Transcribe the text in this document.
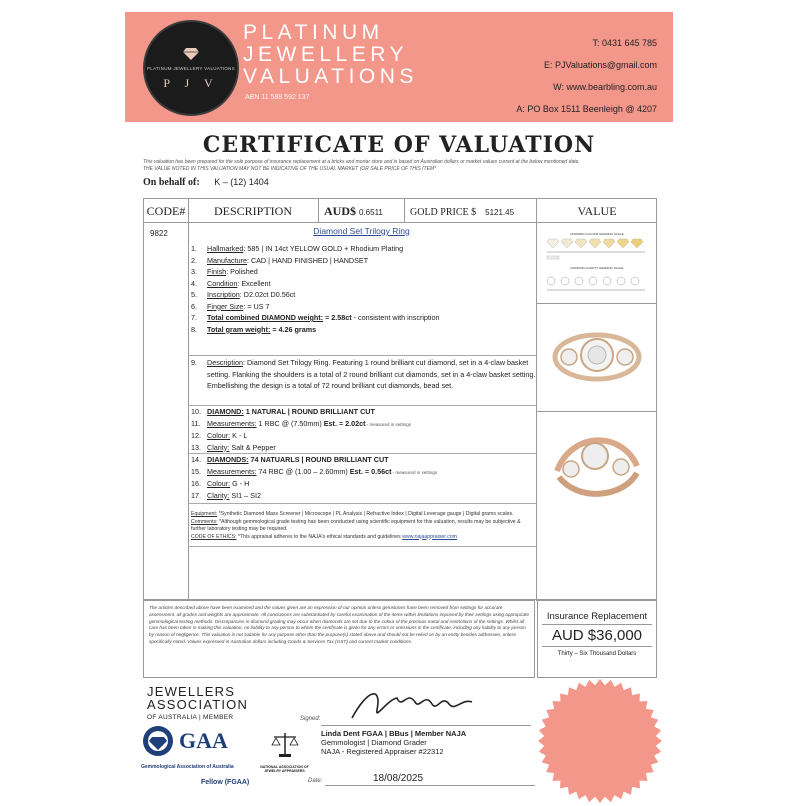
PLATINUM JEWELLERY VALUATIONS
P J V
PLATINUM
JEWELLERY
VALUATIONS
ABN 11 588 592 137
T: 0431 645 785
E: PJValuations@gmail.com
W: www.bearbling.com.au
A: PO Box 1511 Beenleigh @ 4207
CERTIFICATE OF VALUATION
This valuation has been prepared for the sole purpose of insurance replacement at a bricks and mortar store and is based on Australian dollars or market values current at the below mentioned date.
THE VALUE NOTED IN THIS VALUATION MAY NOT BE INDICATIVE OF THE USUAL MARKET (OR SALE PRICE OF THIS ITEM*
On behalf of: K – (12) 1404
CODE#	DESCRIPTION	AUD$ 0.6511	GOLD PRICE $ 5121.45	VALUE
9822	Diamond Set Trilogy Ring
1.	Hallmarked: 585 | IN 14ct YELLOW GOLD + Rhodium Plating
2.	Manufacture: CAD | HAND FINISHED | HANDSET
3.	Finish: Polished
4.	Condition: Excellent
5.	Inscription: D2.02ct D0.56ct
6.	Finger Size: = US 7
7.	Total combined DIAMOND weight: = 2.58ct - consistent with inscription
8.	Total gram weight: = 4.26 grams
9.	Description: Diamond Set Trilogy Ring. Featuring 1 round brilliant cut diamond, set in a 4-claw basket setting. Flanking the shoulders is a total of 2 round brilliant cut diamonds, set in a 4-claw basket setting. Embellishing the design is a total of 72 round brilliant cut diamonds, bead set.
10. DIAMOND: 1 NATURAL | ROUND BRILLIANT CUT
11. Measurements: 1 RBC @ (7.50mm) Est. = 2.02ct - measured in settings
12. Colour: K - L
13. Clarity: Salt & Pepper
14. DIAMONDS: 74 NATUARLS | ROUND BRILLIANT CUT
15. Measurements: 74 RBC @ (1.00 – 2.60mm) Est. = 0.56ct - measured in settings
16. Colour: G - H
17. Clarity: SI1 – SI2
Equipment: *Synthetic Diamond Mass Screener | Microscope | PL Analysis | Refractive Index | Digital Leverage gauge | Digital grams scales.
Comments: *Although gemmological grade testing has been conducted using scientific equipment for this valuation, results may be subjective & further laboratory testing may be required.
CODE OF ETHICS: *This appraisal adheres to the NAJA's ethical standards and guidelines www.najaappraiser.com
DIAMOND COLOUR GRADING SCALE
DIAMOND CLARITY GRADING SCALE
The articles described above have been examined and the values given are an expression of our opinion unless gemstones have been removed from settings for accurate assessment, all grades and weights are approximate. All conclusions are substantiated by careful examination of the items within limitations imposed by their settings using appropriate gemmological testing methods. Discrepancies in diamond grading may occur when diamonds are set due to the colour of the precious metal and restrictions of the settings. Whilst all care has been taken in making this valuation, no liability to any person to whom the certificate is given for any errors or omissions in the certificate, including any liability to any person by reason of negligence. This valuation is not suitable for any purpose other than the purpose(s) stated above and should not be relied on by an entity besides addressee, unless specifically noted. Values expressed in Australian dollars including Goods & Services Tax (GST) and current market conditions.
Insurance Replacement
AUD $36,000
Thirty – Six Thousand Dollars
JEWELLERS
ASSOCIATION
OF AUSTRALIA | MEMBER
GAA
Gemmological Association of Australia
Fellow (FGAA)
NATIONAL ASSOCIATION OF JEWELRY APPRAISERS
Signed:
Linda Dent FGAA | BBus | Member NAJA
Gemmologist | Diamond Grader
NAJA - Registered Appraiser #22312
Date:	18/08/2025
